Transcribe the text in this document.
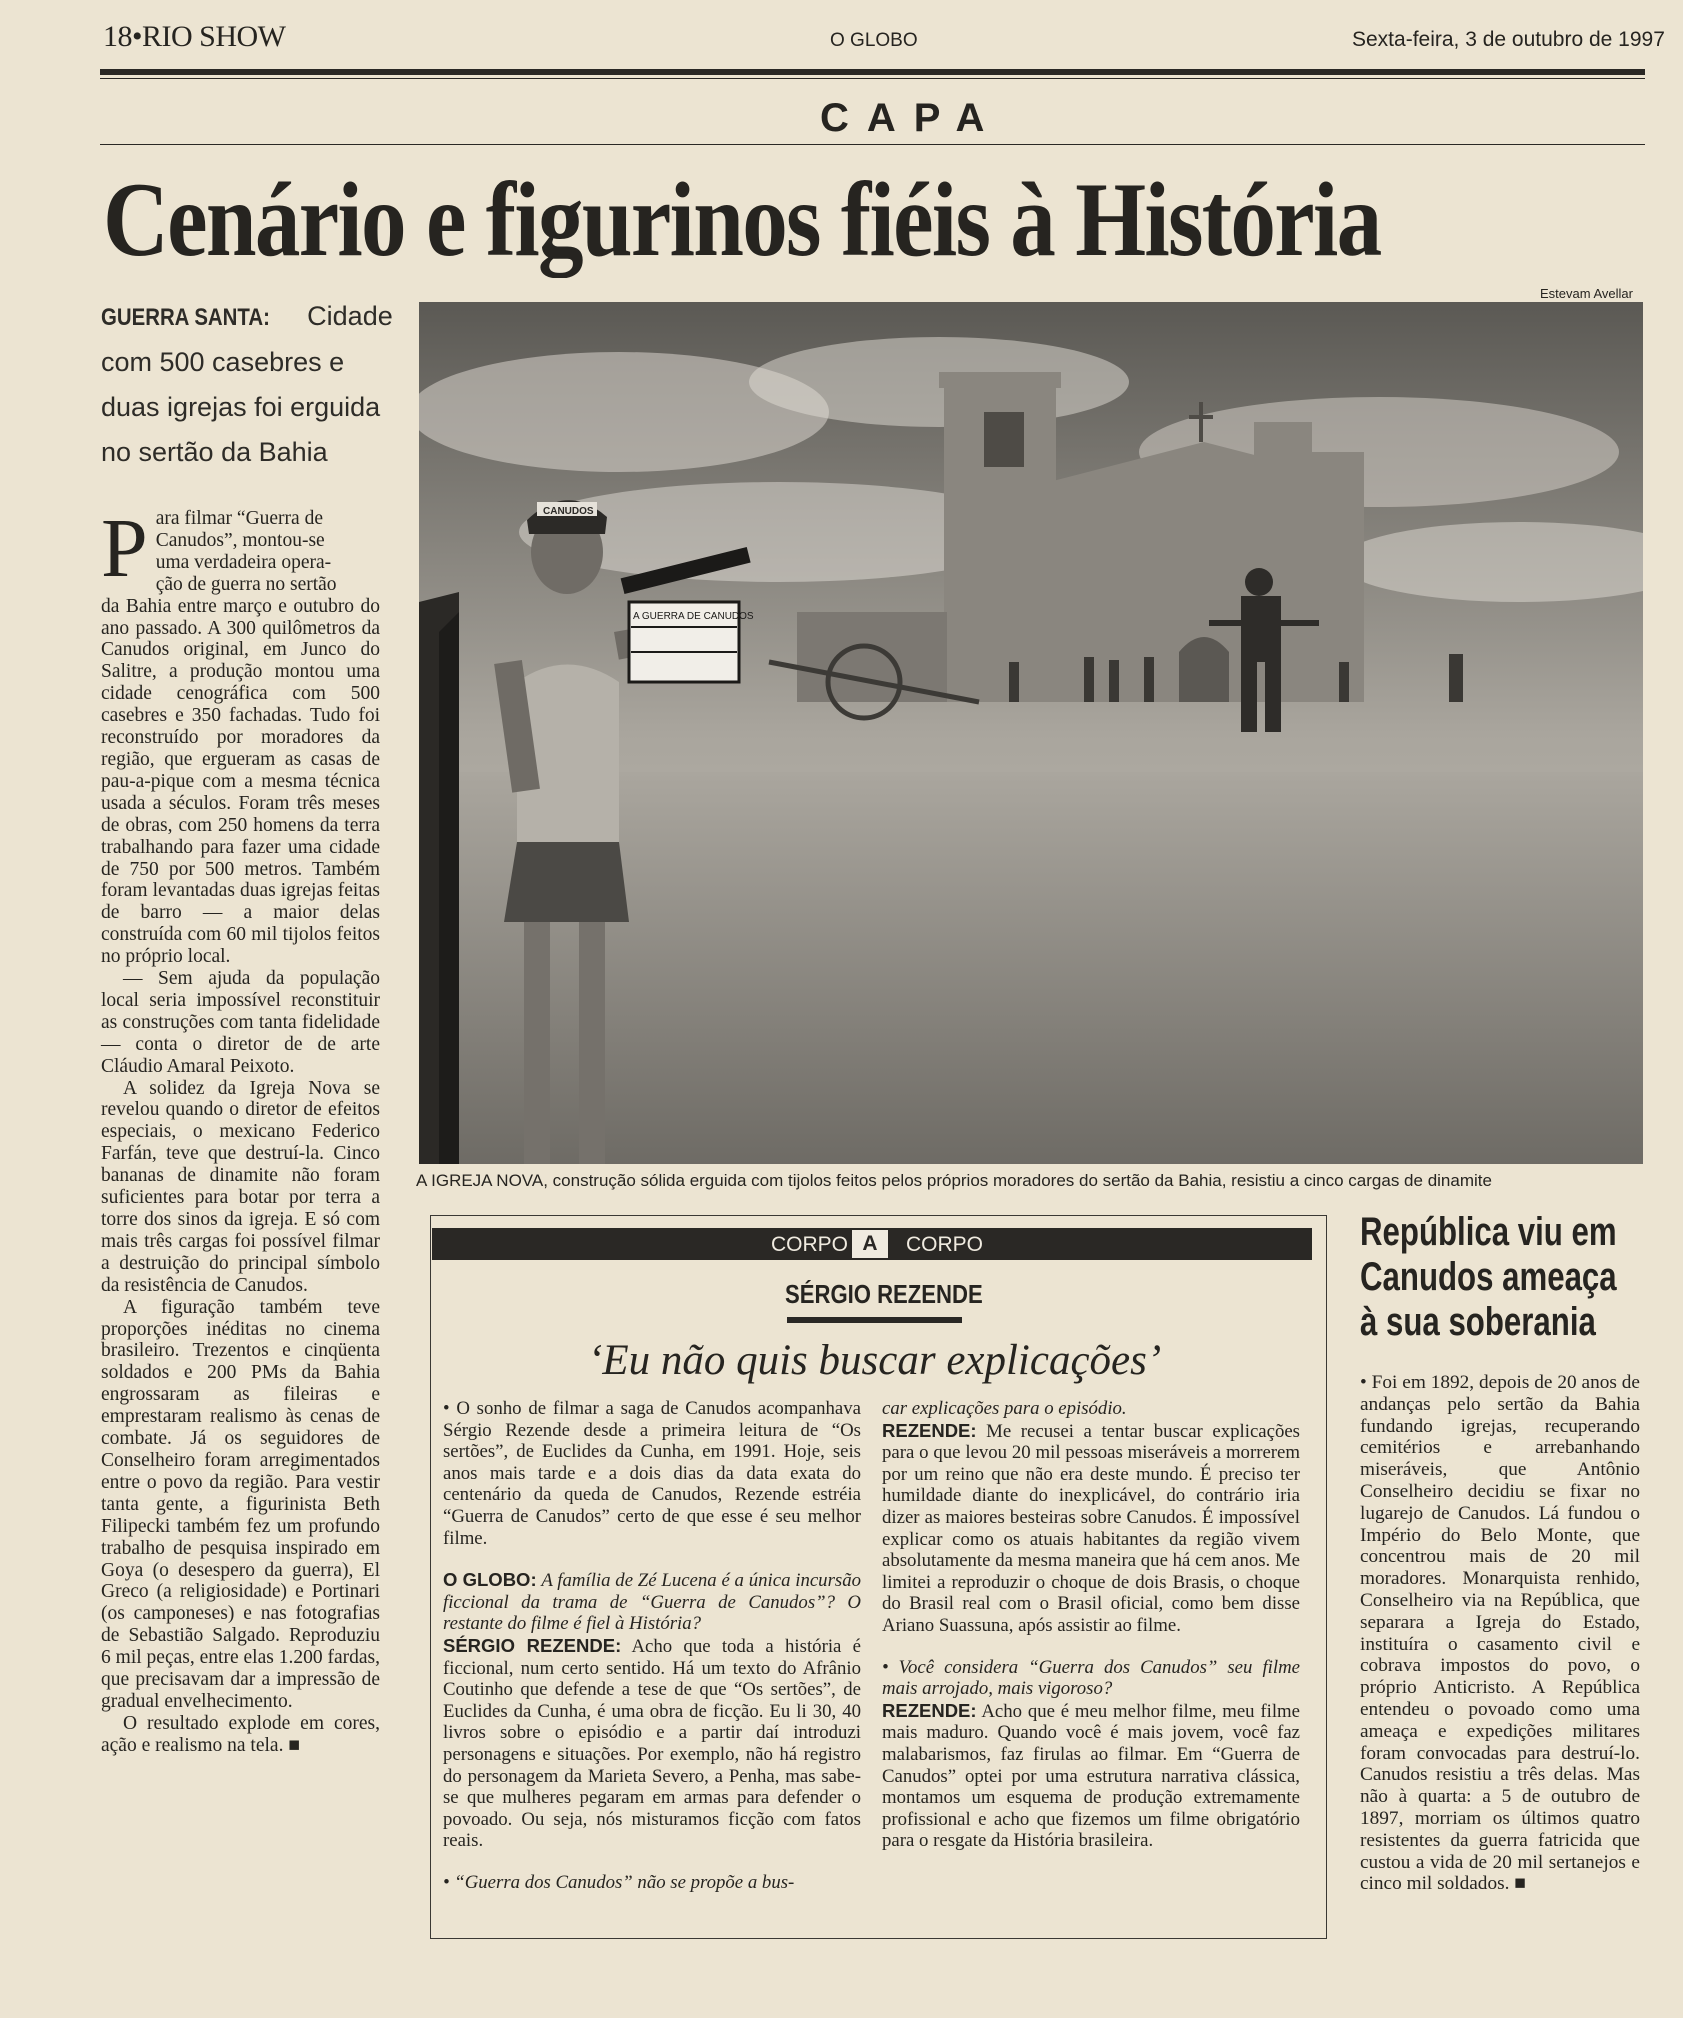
18•RIO SHOW	O GLOBO	Sexta-feira, 3 de outubro de 1997
CAPA
Cenário e figurinos fiéis à História
GUERRA SANTA: Cidade
com 500 casebres e
duas igrejas foi erguida
no sertão da Bahia
P ara filmar “Guerra de
Canudos”, montou-se
uma verdadeira opera-
ção de guerra no sertão

da Bahia entre março e outubro do ano passado. A 300 quilômetros da Canudos original, em Junco do Salitre, a produção montou uma cidade cenográfica com 500 casebres e 350 fachadas. Tudo foi reconstruído por moradores da região, que ergueram as casas de pau-a-pique com a mesma técnica usada a séculos. Foram três meses de obras, com 250 homens da terra trabalhando para fazer uma cidade de 750 por 500 metros. Também foram levantadas duas igrejas feitas de barro — a maior delas construída com 60 mil tijolos feitos no próprio local.

— Sem ajuda da população local seria impossível reconstituir as construções com tanta fidelidade — conta o diretor de de arte Cláudio Amaral Peixoto.

A solidez da Igreja Nova se revelou quando o diretor de efeitos especiais, o mexicano Federico Farfán, teve que destruí-la. Cinco bananas de dinamite não foram suficientes para botar por terra a torre dos sinos da igreja. E só com mais três cargas foi possível filmar a destruição do principal símbolo da resistência de Canudos.

A figuração também teve proporções inéditas no cinema brasileiro. Trezentos e cinqüenta soldados e 200 PMs da Bahia engrossaram as fileiras e emprestaram realismo às cenas de combate. Já os seguidores de Conselheiro foram arregimentados entre o povo da região. Para vestir tanta gente, a figurinista Beth Filipecki também fez um profundo trabalho de pesquisa inspirado em Goya (o desespero da guerra), El Greco (a religiosidade) e Portinari (os camponeses) e nas fotografias de Sebastião Salgado. Reproduziu 6 mil peças, entre elas 1.200 fardas, que precisavam dar a impressão de gradual envelhecimento.

O resultado explode em cores, ação e realismo na tela. ■

Estevam Avellar
A GUERRA DE CANUDOS
CANUDOS
A IGREJA NOVA, construção sólida erguida com tijolos feitos pelos próprios moradores do sertão da Bahia, resistiu a cinco cargas de dinamite
CORPO A	CORPO
SÉRGIO REZENDE
‘Eu não quis buscar explicações’

• O sonho de filmar a saga de Canudos acompanhava Sérgio Rezende desde a primeira leitura de “Os sertões”, de Euclides da Cunha, em 1991. Hoje, seis anos mais tarde e a dois dias da data exata do centenário da queda de Canudos, Rezende estréia “Guerra de Canudos” certo de que esse é seu melhor filme.

O GLOBO: A família de Zé Lucena é a única incursão ficcional da trama de “Guerra de Canudos”? O restante do filme é fiel à História?

SÉRGIO REZENDE: Acho que toda a história é ficcional, num certo sentido. Há um texto do Afrânio Coutinho que defende a tese de que “Os sertões”, de Euclides da Cunha, é uma obra de ficção. Eu li 30, 40 livros sobre o episódio e a partir daí introduzi personagens e situações. Por exemplo, não há registro do personagem da Marieta Severo, a Penha, mas sabe-se que mulheres pegaram em armas para defender o povoado. Ou seja, nós misturamos ficção com fatos reais.

• “Guerra dos Canudos” não se propõe a bus-

car explicações para o episódio.

REZENDE: Me recusei a tentar buscar explicações para o que levou 20 mil pessoas miseráveis a morrerem por um reino que não era deste mundo. É preciso ter humildade diante do inexplicável, do contrário iria dizer as maiores besteiras sobre Canudos. É impossível explicar como os atuais habitantes da região vivem absolutamente da mesma maneira que há cem anos. Me limitei a reproduzir o choque de dois Brasis, o choque do Brasil real com o Brasil oficial, como bem disse Ariano Suassuna, após assistir ao filme.

• Você considera “Guerra dos Canudos” seu filme mais arrojado, mais vigoroso?

REZENDE: Acho que é meu melhor filme, meu filme mais maduro. Quando você é mais jovem, você faz malabarismos, faz firulas ao filmar. Em “Guerra de Canudos” optei por uma estrutura narrativa clássica, montamos um esquema de produção extremamente profissional e acho que fizemos um filme obrigatório para o resgate da História brasileira.

República viu em
Canudos ameaça
à sua soberania

• Foi em 1892, depois de 20 anos de andanças pelo sertão da Bahia fundando igrejas, recuperando cemitérios e arrebanhando miseráveis, que Antônio Conselheiro decidiu se fixar no lugarejo de Canudos. Lá fundou o Império do Belo Monte, que concentrou mais de 20 mil moradores. Monarquista renhido, Conselheiro via na República, que separara a Igreja do Estado, instituíra o casamento civil e cobrava impostos do povo, o próprio Anticristo. A República entendeu o povoado como uma ameaça e expedições militares foram convocadas para destruí-lo. Canudos resistiu a três delas. Mas não à quarta: a 5 de outubro de 1897, morriam os últimos quatro resistentes da guerra fatricida que custou a vida de 20 mil sertanejos e cinco mil soldados. ■
